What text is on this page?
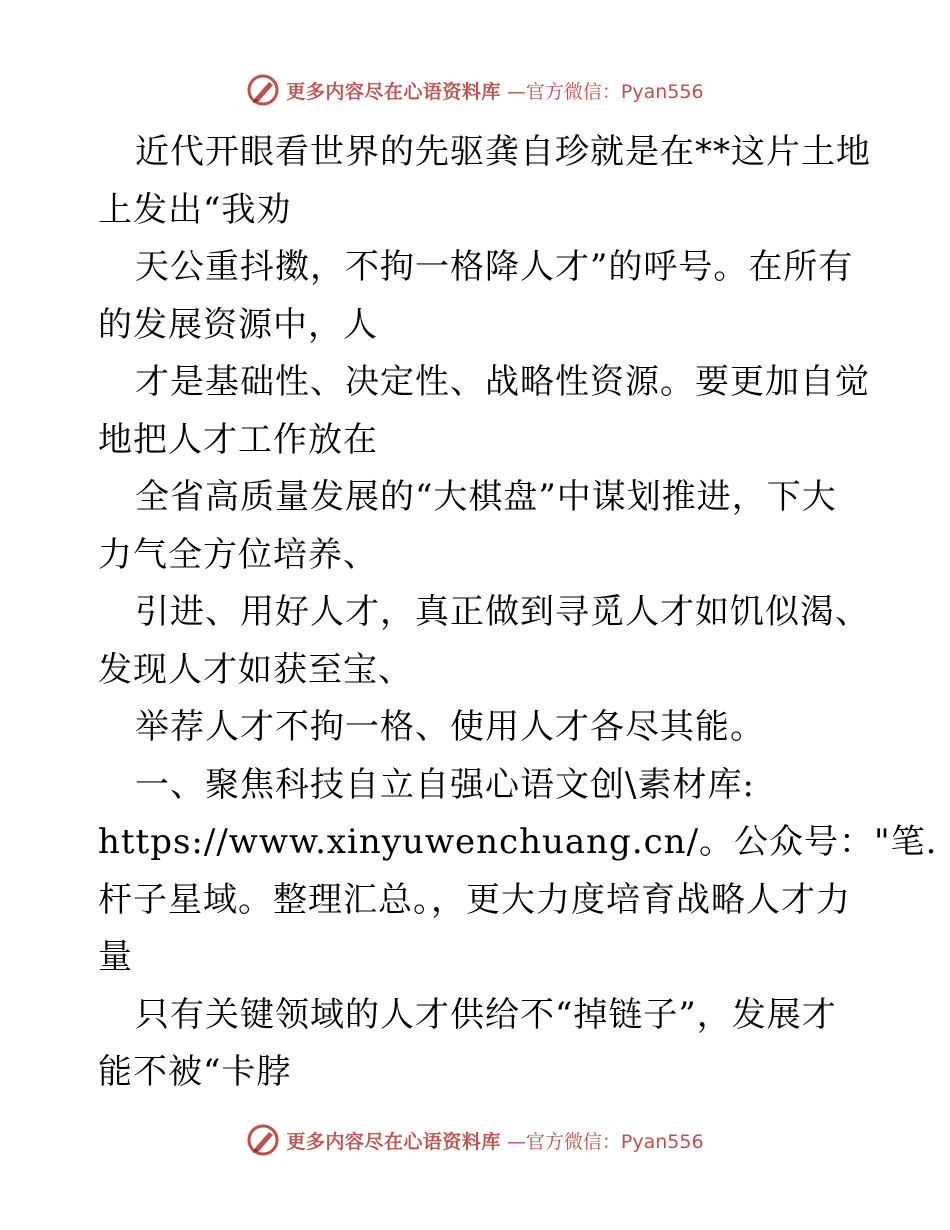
更多内容尽在心语资料库 —官方微信：Pyan556
近代开眼看世界的先驱龚自珍就是在**这片土地
上发出“我劝
天公重抖擞，不拘一格降人才”的呼号。在所有
的发展资源中，人
才是基础性、决定性、战略性资源。要更加自觉
地把人才工作放在
全省高质量发展的“大棋盘”中谋划推进，下大
力气全方位培养、
引进、用好人才，真正做到寻觅人才如饥似渴、
发现人才如获至宝、
举荐人才不拘一格、使用人才各尽其能。
一、聚焦科技自立自强心语文创\素材库:
https://www.xinyuwenchuang.cn/。公众号："笔.
杆子星域。整理汇总。，更大力度培育战略人才力
量
只有关键领域的人才供给不“掉链子”，发展才
能不被“卡脖
更多内容尽在心语资料库 —官方微信：Pyan556
